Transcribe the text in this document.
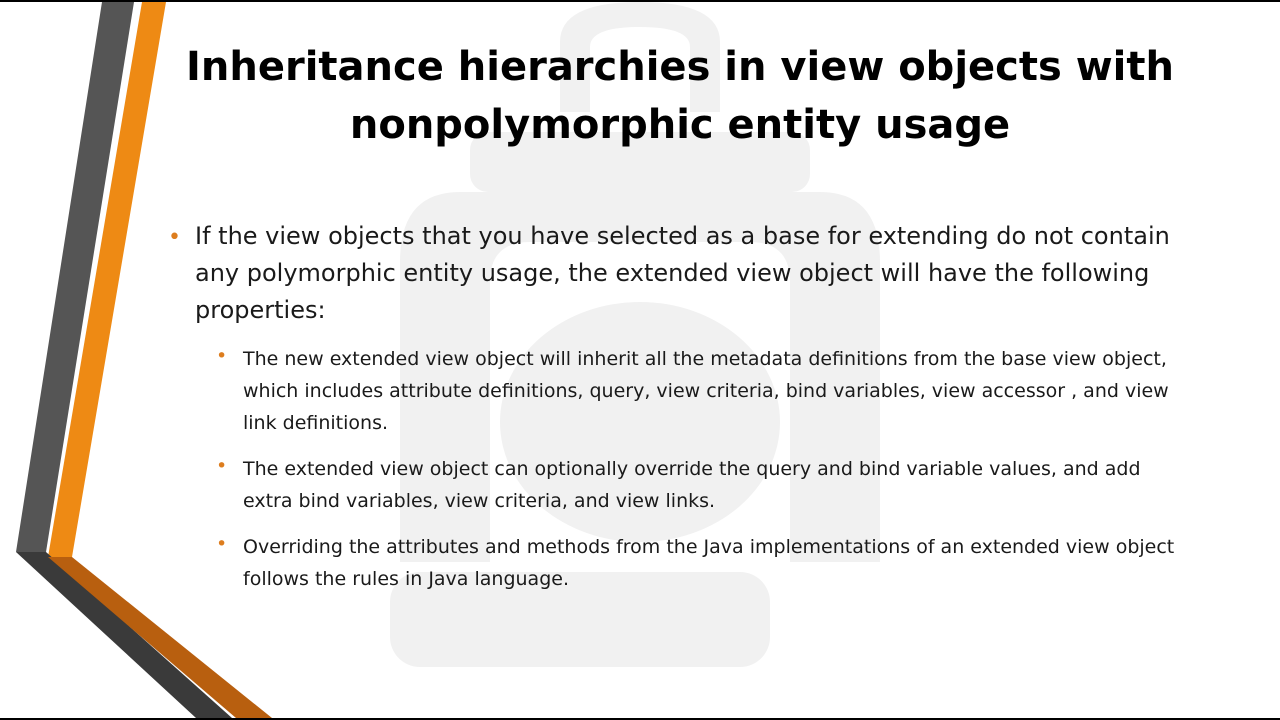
Inheritance hierarchies in view objects with
nonpolymorphic entity usage
• If the view objects that you have selected as a base for extending do not contain any polymorphic entity usage, the extended view object will have the following properties:
• The new extended view object will inherit all the metadata definitions from the base view object, which includes attribute definitions, query, view criteria, bind variables, view accessor , and view link definitions.
• The extended view object can optionally override the query and bind variable values, and add extra bind variables, view criteria, and view links.
• Overriding the attributes and methods from the Java implementations of an extended view object follows the rules in Java language.
